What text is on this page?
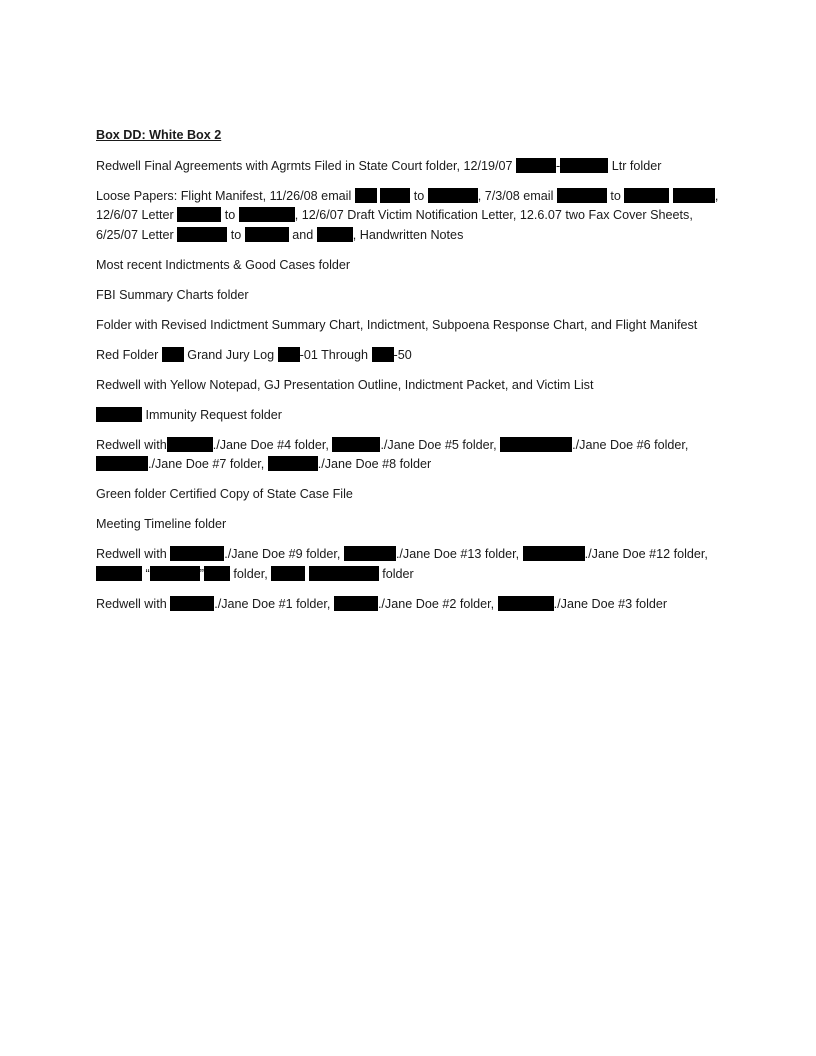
Box DD: White Box 2

Redwell Final Agreements with Agrmts Filed in State Court folder, 12/19/07	-	Ltr folder

Loose Papers: Flight Manifest, 11/26/08 email	to	, 7/3/08 email	to	, 12/6/07 Letter	to	, 12/6/07 Draft Victim Notification Letter, 12.6.07 two Fax Cover Sheets, 6/25/07 Letter	to	and	, Handwritten Notes

Most recent Indictments & Good Cases folder

FBI Summary Charts folder

Folder with Revised Indictment Summary Chart, Indictment, Subpoena Response Chart, and Flight Manifest

Red Folder  Grand Jury Log -01 Through -50

Redwell with Yellow Notepad, GJ Presentation Outline, Indictment Packet, and Victim List

Immunity Request folder

Redwell with	./Jane Doe #4 folder,	./Jane Doe #5 folder,	./Jane Doe #6 folder, ./Jane Doe #7 folder,	./Jane Doe #8 folder

Green folder Certified Copy of State Case File

Meeting Timeline folder

Redwell with	./Jane Doe #9 folder,	./Jane Doe #13 folder,	./Jane Doe #12 folder,  “	” folder,	folder

Redwell with	./Jane Doe #1 folder,	./Jane Doe #2 folder,	./Jane Doe #3 folder
